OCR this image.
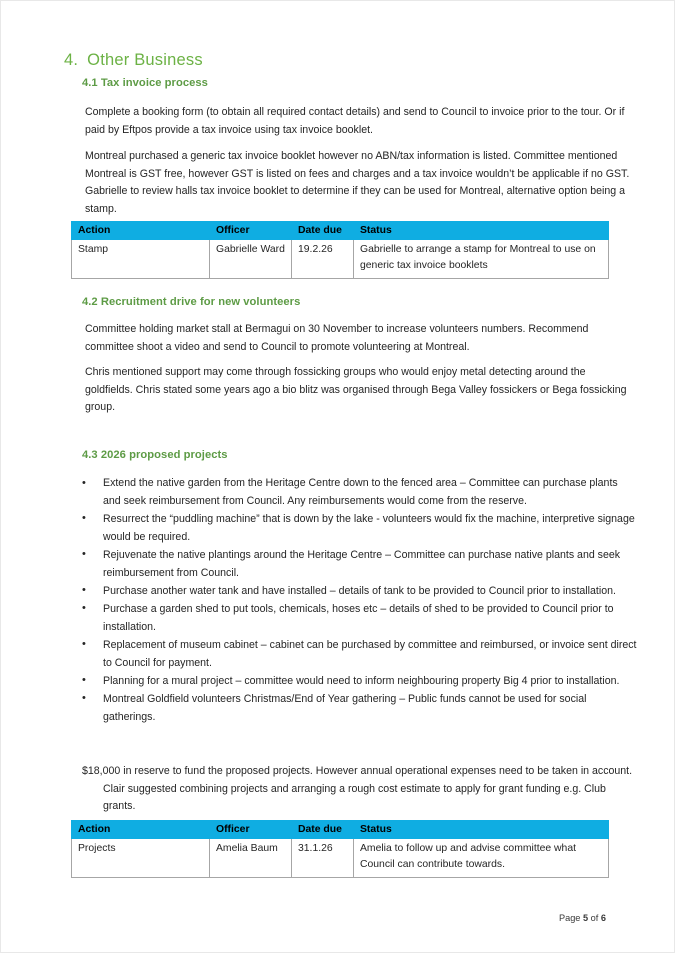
4. Other Business
4.1 Tax invoice process
Complete a booking form (to obtain all required contact details) and send to Council to invoice prior to the tour. Or if paid by Eftpos provide a tax invoice using tax invoice booklet.
Montreal purchased a generic tax invoice booklet however no ABN/tax information is listed. Committee mentioned Montreal is GST free, however GST is listed on fees and charges and a tax invoice wouldn’t be applicable if no GST. Gabrielle to review halls tax invoice booklet to determine if they can be used for Montreal, alternative option being a stamp.
Action	Officer	Date due	Status
Stamp	Gabrielle Ward	19.2.26	Gabrielle to arrange a stamp for Montreal to use on generic tax invoice booklets
4.2 Recruitment drive for new volunteers
Committee holding market stall at Bermagui on 30 November to increase volunteers numbers. Recommend committee shoot a video and send to Council to promote volunteering at Montreal.
Chris mentioned support may come through fossicking groups who would enjoy metal detecting around the goldfields. Chris stated some years ago a bio blitz was organised through Bega Valley fossickers or Bega fossicking group.
4.3 2026 proposed projects
• Extend the native garden from the Heritage Centre down to the fenced area – Committee can purchase plants and seek reimbursement from Council. Any reimbursements would come from the reserve.
• Resurrect the “puddling machine” that is down by the lake - volunteers would fix the machine, interpretive signage would be required.
• Rejuvenate the native plantings around the Heritage Centre – Committee can purchase native plants and seek reimbursement from Council.
• Purchase another water tank and have installed – details of tank to be provided to Council prior to installation.
• Purchase a garden shed to put tools, chemicals, hoses etc – details of shed to be provided to Council prior to installation.
• Replacement of museum cabinet – cabinet can be purchased by committee and reimbursed, or invoice sent direct to Council for payment.
• Planning for a mural project – committee would need to inform neighbouring property Big 4 prior to installation.
• Montreal Goldfield volunteers Christmas/End of Year gathering – Public funds cannot be used for social gatherings.
$18,000 in reserve to fund the proposed projects. However annual operational expenses need to be taken in account. Clair suggested combining projects and arranging a rough cost estimate to apply for grant funding e.g. Club grants.
Action	Officer	Date due	Status
Projects	Amelia Baum	31.1.26	Amelia to follow up and advise committee what Council can contribute towards.
Page 5 of 6
